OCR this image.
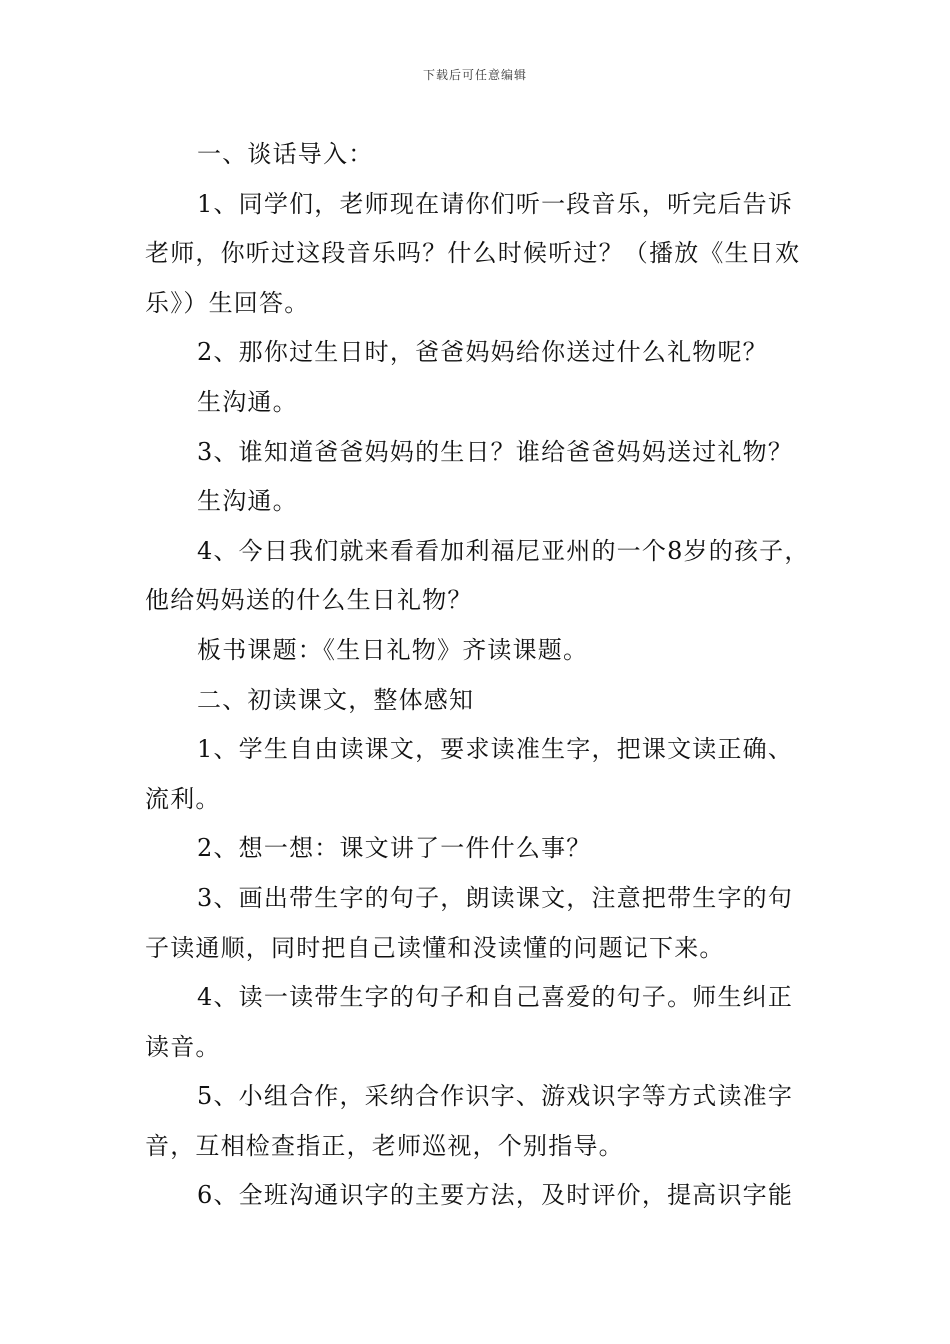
下载后可任意编辑

一、谈话导入：

1、同学们，老师现在请你们听一段音乐，听完后告诉老师，你听过这段音乐吗？什么时候听过？（播放《生日欢乐》）生回答。

2、那你过生日时，爸爸妈妈给你送过什么礼物呢？

生沟通。

3、谁知道爸爸妈妈的生日？谁给爸爸妈妈送过礼物？

生沟通。

4、今日我们就来看看加利福尼亚州的一个8岁的孩子，他给妈妈送的什么生日礼物？

板书课题：《生日礼物》齐读课题。

二、初读课文，整体感知

1、学生自由读课文，要求读准生字，把课文读正确、流利。

2、想一想：课文讲了一件什么事？

3、画出带生字的句子，朗读课文，注意把带生字的句子读通顺，同时把自己读懂和没读懂的问题记下来。

4、读一读带生字的句子和自己喜爱的句子。师生纠正读音。

5、小组合作，采纳合作识字、游戏识字等方式读准字音，互相检查指正，老师巡视，个别指导。

6、全班沟通识字的主要方法，及时评价，提高识字能
